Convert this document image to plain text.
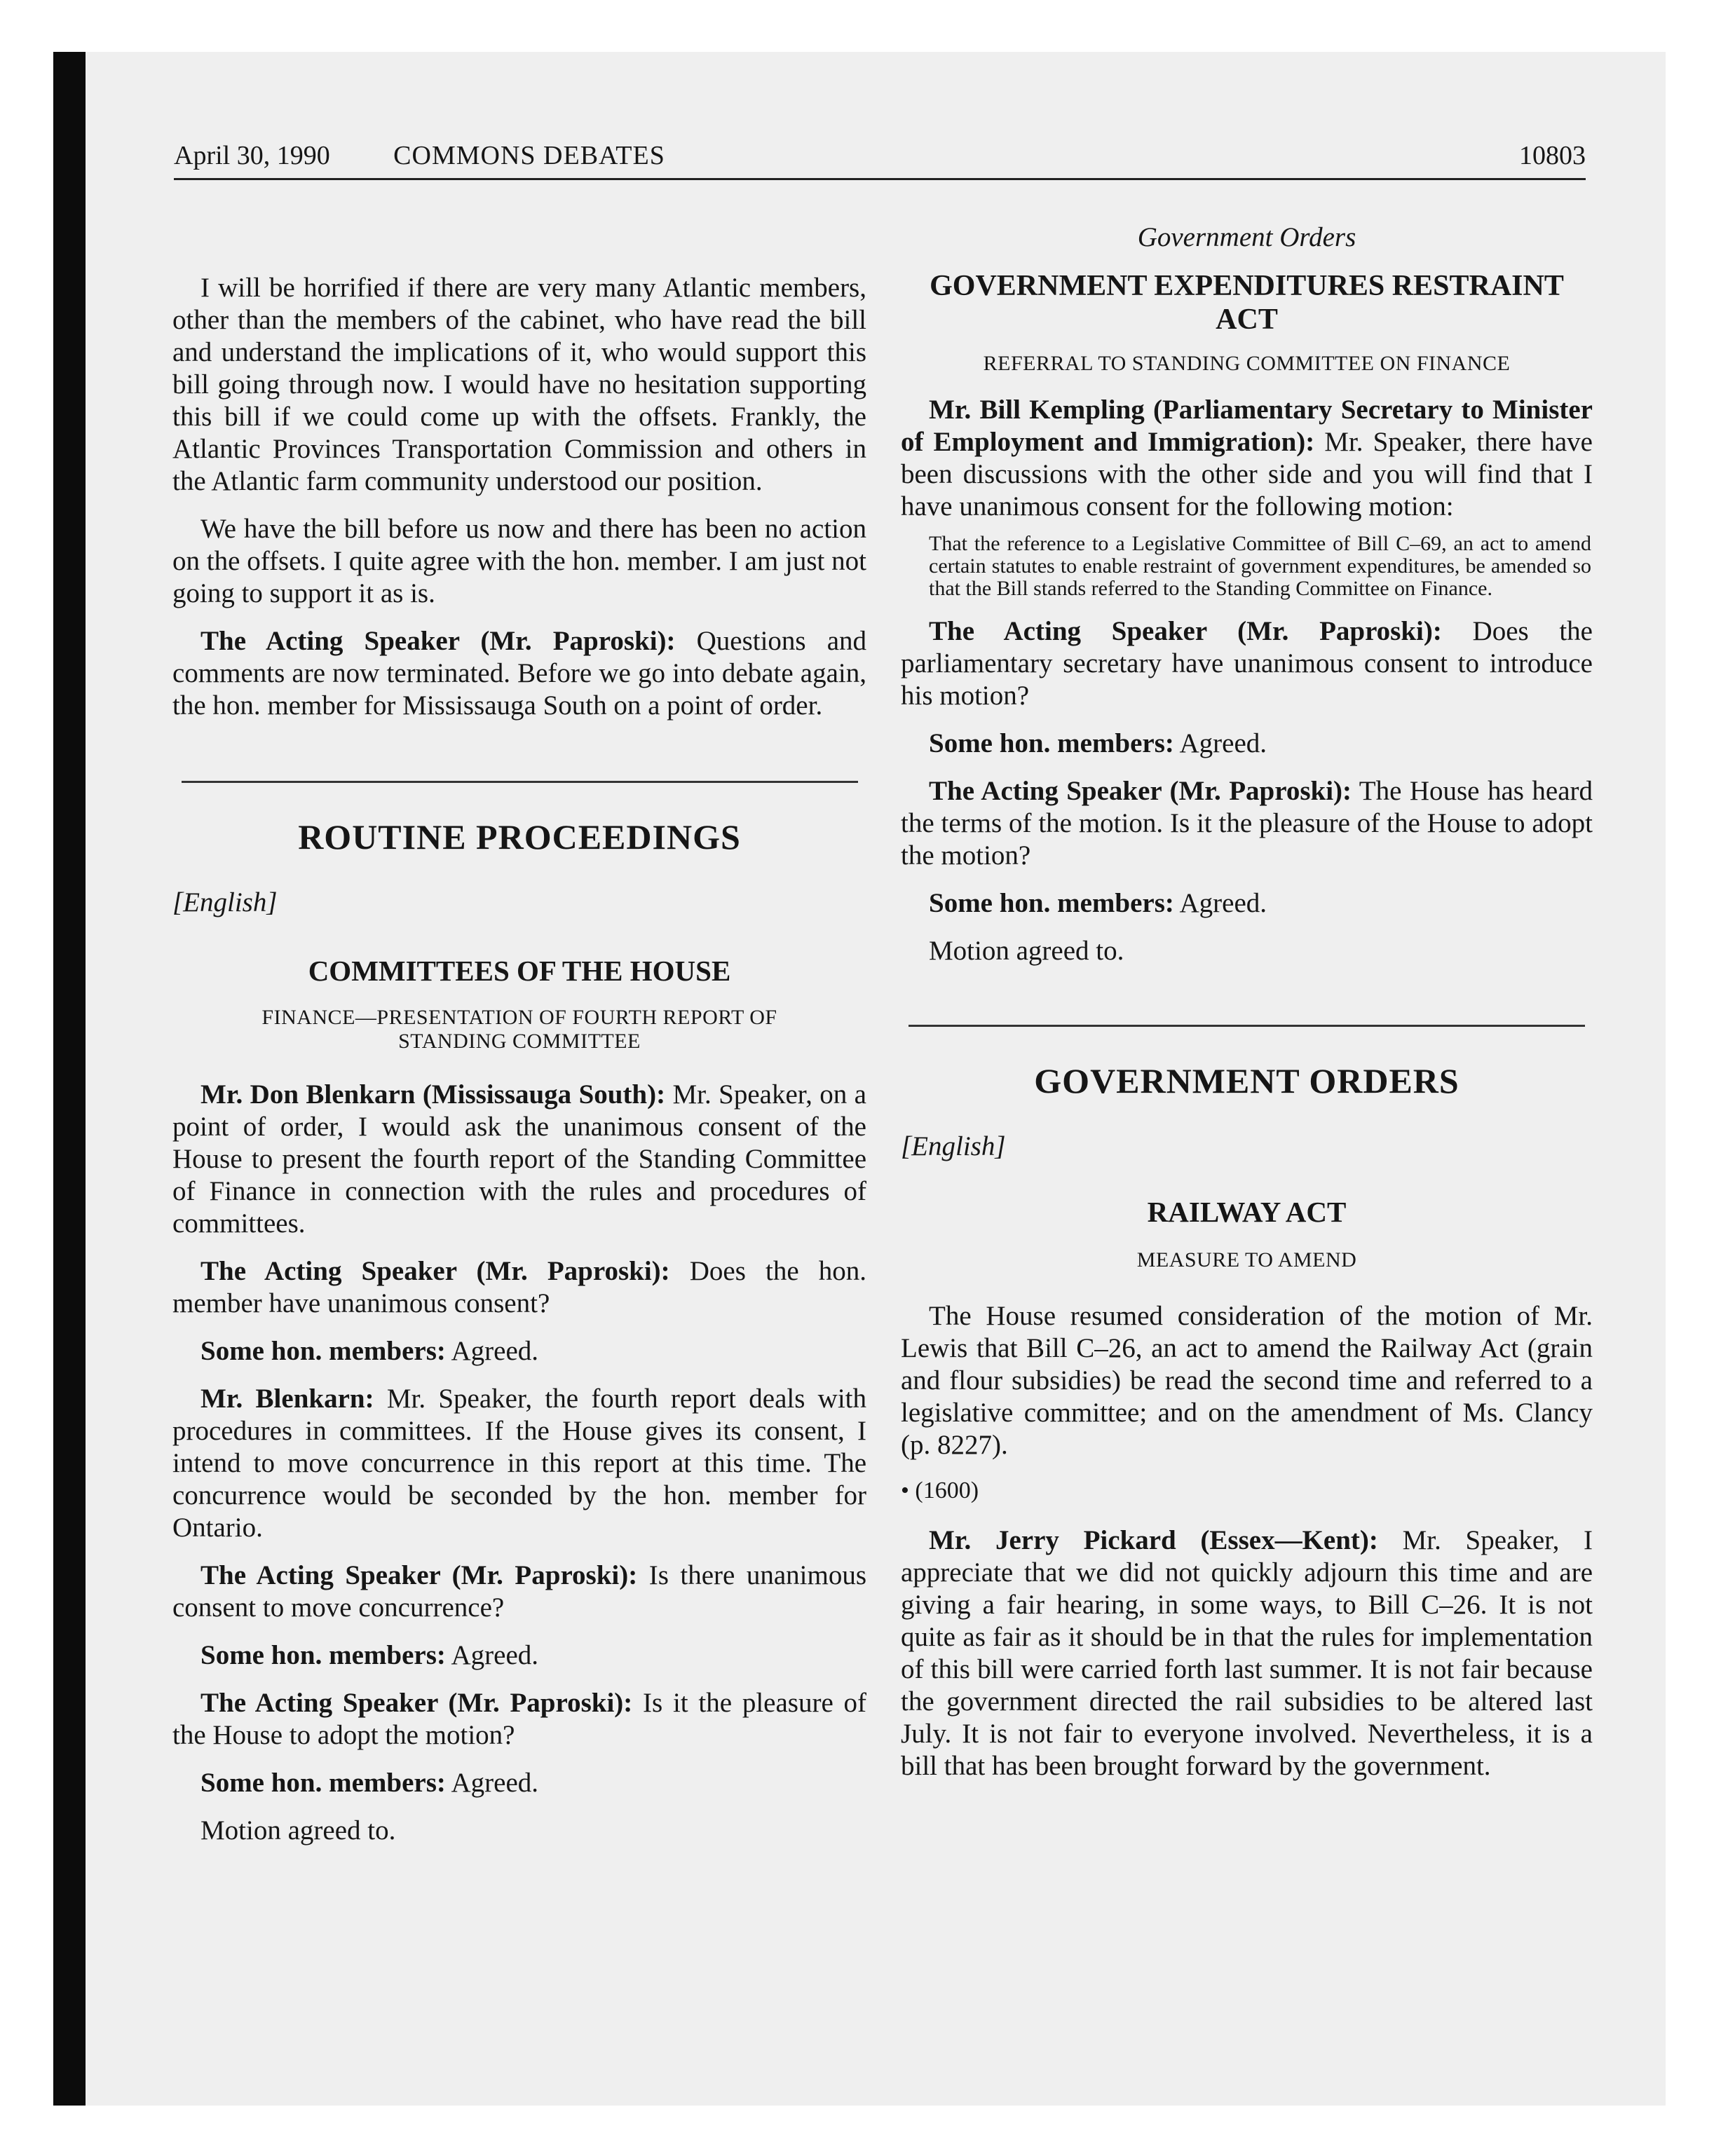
April 30, 1990	COMMONS DEBATES	10803

I will be horrified if there are very many Atlantic members, other than the members of the cabinet, who have read the bill and understand the implications of it, who would support this bill going through now. I would have no hesitation supporting this bill if we could come up with the offsets. Frankly, the Atlantic Provinces Transportation Commission and others in the Atlantic farm community understood our position.

We have the bill before us now and there has been no action on the offsets. I quite agree with the hon. member. I am just not going to support it as is.

The Acting Speaker (Mr. Paproski): Questions and comments are now terminated. Before we go into debate again, the hon. member for Mississauga South on a point of order.

ROUTINE PROCEEDINGS

[English]

COMMITTEES OF THE HOUSE
FINANCE—PRESENTATION OF FOURTH REPORT OF
STANDING COMMITTEE

Mr. Don Blenkarn (Mississauga South): Mr. Speaker, on a point of order, I would ask the unanimous consent of the House to present the fourth report of the Standing Committee of Finance in connection with the rules and procedures of committees.

The Acting Speaker (Mr. Paproski): Does the hon. member have unanimous consent?

Some hon. members: Agreed.

Mr. Blenkarn: Mr. Speaker, the fourth report deals with procedures in committees. If the House gives its consent, I intend to move concurrence in this report at this time. The concurrence would be seconded by the hon. member for Ontario.

The Acting Speaker (Mr. Paproski): Is there unanimous consent to move concurrence?

Some hon. members: Agreed.

The Acting Speaker (Mr. Paproski): Is it the pleasure of the House to adopt the motion?

Some hon. members: Agreed.

Motion agreed to.

Government Orders

GOVERNMENT EXPENDITURES RESTRAINT ACT
REFERRAL TO STANDING COMMITTEE ON FINANCE

Mr. Bill Kempling (Parliamentary Secretary to Minister of Employment and Immigration): Mr. Speaker, there have been discussions with the other side and you will find that I have unanimous consent for the following motion:

That the reference to a Legislative Committee of Bill C–69, an act to amend certain statutes to enable restraint of government expenditures, be amended so that the Bill stands referred to the Standing Committee on Finance.

The Acting Speaker (Mr. Paproski): Does the parliamentary secretary have unanimous consent to introduce his motion?

Some hon. members: Agreed.

The Acting Speaker (Mr. Paproski): The House has heard the terms of the motion. Is it the pleasure of the House to adopt the motion?

Some hon. members: Agreed.

Motion agreed to.

GOVERNMENT ORDERS

[English]

RAILWAY ACT
MEASURE TO AMEND

The House resumed consideration of the motion of Mr. Lewis that Bill C–26, an act to amend the Railway Act (grain and flour subsidies) be read the second time and referred to a legislative committee; and on the amendment of Ms. Clancy (p. 8227).

• (1600)

Mr. Jerry Pickard (Essex—Kent): Mr. Speaker, I appreciate that we did not quickly adjourn this time and are giving a fair hearing, in some ways, to Bill C–26. It is not quite as fair as it should be in that the rules for implementation of this bill were carried forth last summer. It is not fair because the government directed the rail subsidies to be altered last July. It is not fair to everyone involved. Nevertheless, it is a bill that has been brought forward by the government.
